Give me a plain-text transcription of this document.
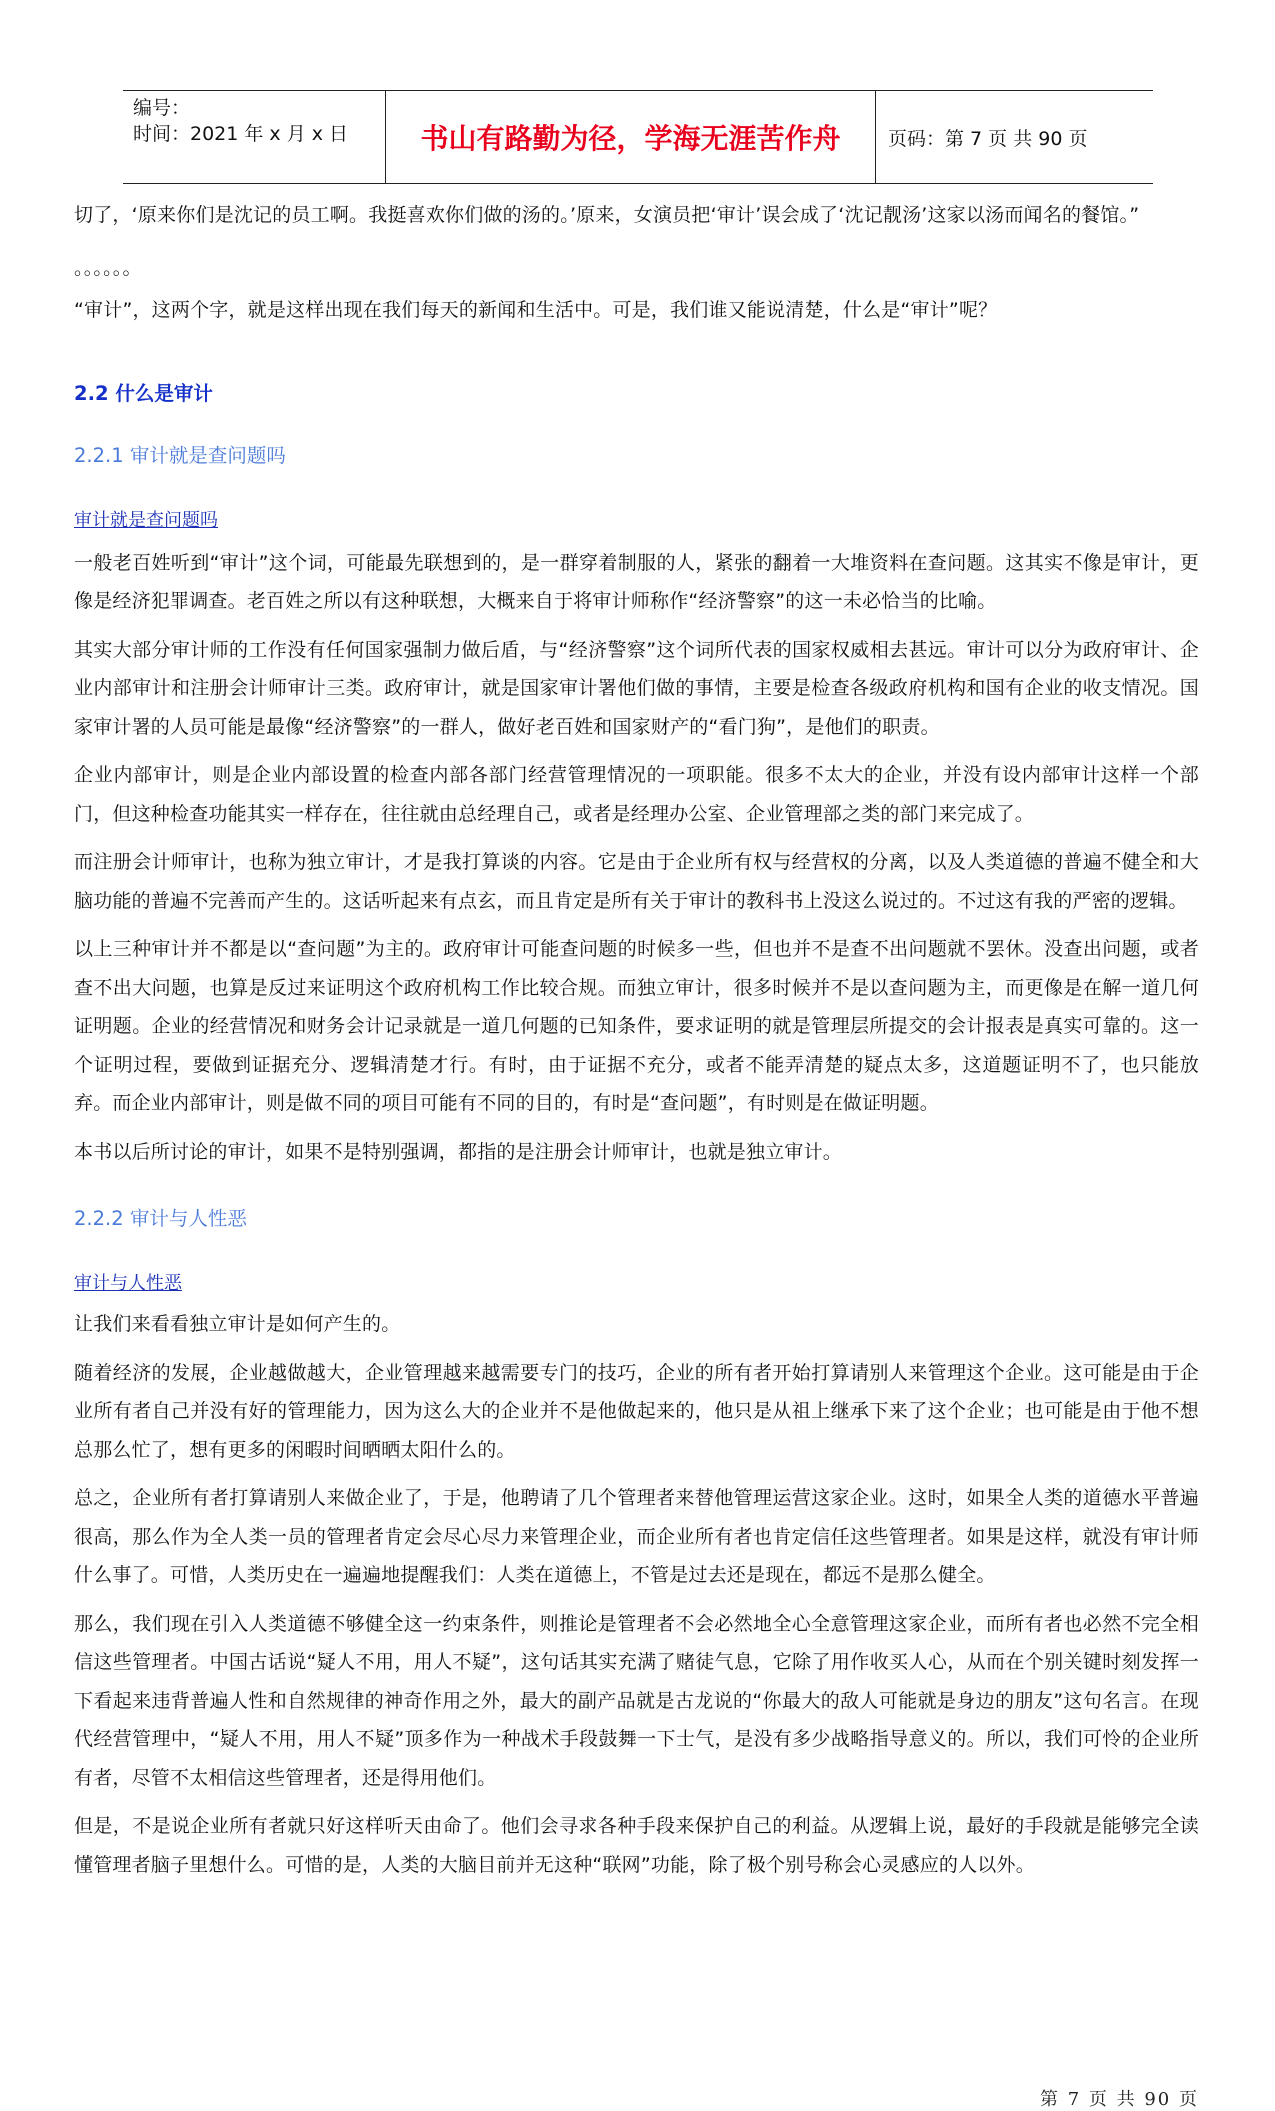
编号：
时间：2021 年 x 月 x 日	书山有路勤为径，学海无涯苦作舟	页码：第 7 页 共 90 页

切了，‘原来你们是沈记的员工啊。我挺喜欢你们做的汤的。’原来，女演员把‘审计’误会成了‘沈记靓汤’这家以汤而闻名的餐馆。”

。。。。。。

“审计”，这两个字，就是这样出现在我们每天的新闻和生活中。可是，我们谁又能说清楚，什么是“审计”呢？

2.2 什么是审计

2.2.1 审计就是查问题吗

审计就是查问题吗

一般老百姓听到“审计”这个词，可能最先联想到的，是一群穿着制服的人，紧张的翻着一大堆资料在查问题。这其实不像是审计，更像是经济犯罪调查。老百姓之所以有这种联想，大概来自于将审计师称作“经济警察”的这一未必恰当的比喻。

其实大部分审计师的工作没有任何国家强制力做后盾，与“经济警察”这个词所代表的国家权威相去甚远。审计可以分为政府审计、企业内部审计和注册会计师审计三类。政府审计，就是国家审计署他们做的事情，主要是检查各级政府机构和国有企业的收支情况。国家审计署的人员可能是最像“经济警察”的一群人，做好老百姓和国家财产的“看门狗”，是他们的职责。

企业内部审计，则是企业内部设置的检查内部各部门经营管理情况的一项职能。很多不太大的企业，并没有设内部审计这样一个部门，但这种检查功能其实一样存在，往往就由总经理自己，或者是经理办公室、企业管理部之类的部门来完成了。

而注册会计师审计，也称为独立审计，才是我打算谈的内容。它是由于企业所有权与经营权的分离，以及人类道德的普遍不健全和大脑功能的普遍不完善而产生的。这话听起来有点玄，而且肯定是所有关于审计的教科书上没这么说过的。不过这有我的严密的逻辑。

以上三种审计并不都是以“查问题”为主的。政府审计可能查问题的时候多一些，但也并不是查不出问题就不罢休。没查出问题，或者查不出大问题，也算是反过来证明这个政府机构工作比较合规。而独立审计，很多时候并不是以查问题为主，而更像是在解一道几何证明题。企业的经营情况和财务会计记录就是一道几何题的已知条件，要求证明的就是管理层所提交的会计报表是真实可靠的。这一个证明过程，要做到证据充分、逻辑清楚才行。有时，由于证据不充分，或者不能弄清楚的疑点太多，这道题证明不了，也只能放弃。而企业内部审计，则是做不同的项目可能有不同的目的，有时是“查问题”，有时则是在做证明题。

本书以后所讨论的审计，如果不是特别强调，都指的是注册会计师审计，也就是独立审计。

2.2.2 审计与人性恶

审计与人性恶

让我们来看看独立审计是如何产生的。

随着经济的发展，企业越做越大，企业管理越来越需要专门的技巧，企业的所有者开始打算请别人来管理这个企业。这可能是由于企业所有者自己并没有好的管理能力，因为这么大的企业并不是他做起来的，他只是从祖上继承下来了这个企业；也可能是由于他不想总那么忙了，想有更多的闲暇时间晒晒太阳什么的。

总之，企业所有者打算请别人来做企业了，于是，他聘请了几个管理者来替他管理运营这家企业。这时，如果全人类的道德水平普遍很高，那么作为全人类一员的管理者肯定会尽心尽力来管理企业，而企业所有者也肯定信任这些管理者。如果是这样，就没有审计师什么事了。可惜，人类历史在一遍遍地提醒我们：人类在道德上，不管是过去还是现在，都远不是那么健全。

那么，我们现在引入人类道德不够健全这一约束条件，则推论是管理者不会必然地全心全意管理这家企业，而所有者也必然不完全相信这些管理者。中国古话说“疑人不用，用人不疑”，这句话其实充满了赌徒气息，它除了用作收买人心，从而在个别关键时刻发挥一下看起来违背普遍人性和自然规律的神奇作用之外，最大的副产品就是古龙说的“你最大的敌人可能就是身边的朋友”这句名言。在现代经营管理中，“疑人不用，用人不疑”顶多作为一种战术手段鼓舞一下士气，是没有多少战略指导意义的。所以，我们可怜的企业所有者，尽管不太相信这些管理者，还是得用他们。

但是，不是说企业所有者就只好这样听天由命了。他们会寻求各种手段来保护自己的利益。从逻辑上说，最好的手段就是能够完全读懂管理者脑子里想什么。可惜的是，人类的大脑目前并无这种“联网”功能，除了极个别号称会心灵感应的人以外。

第 7 页 共 90 页
